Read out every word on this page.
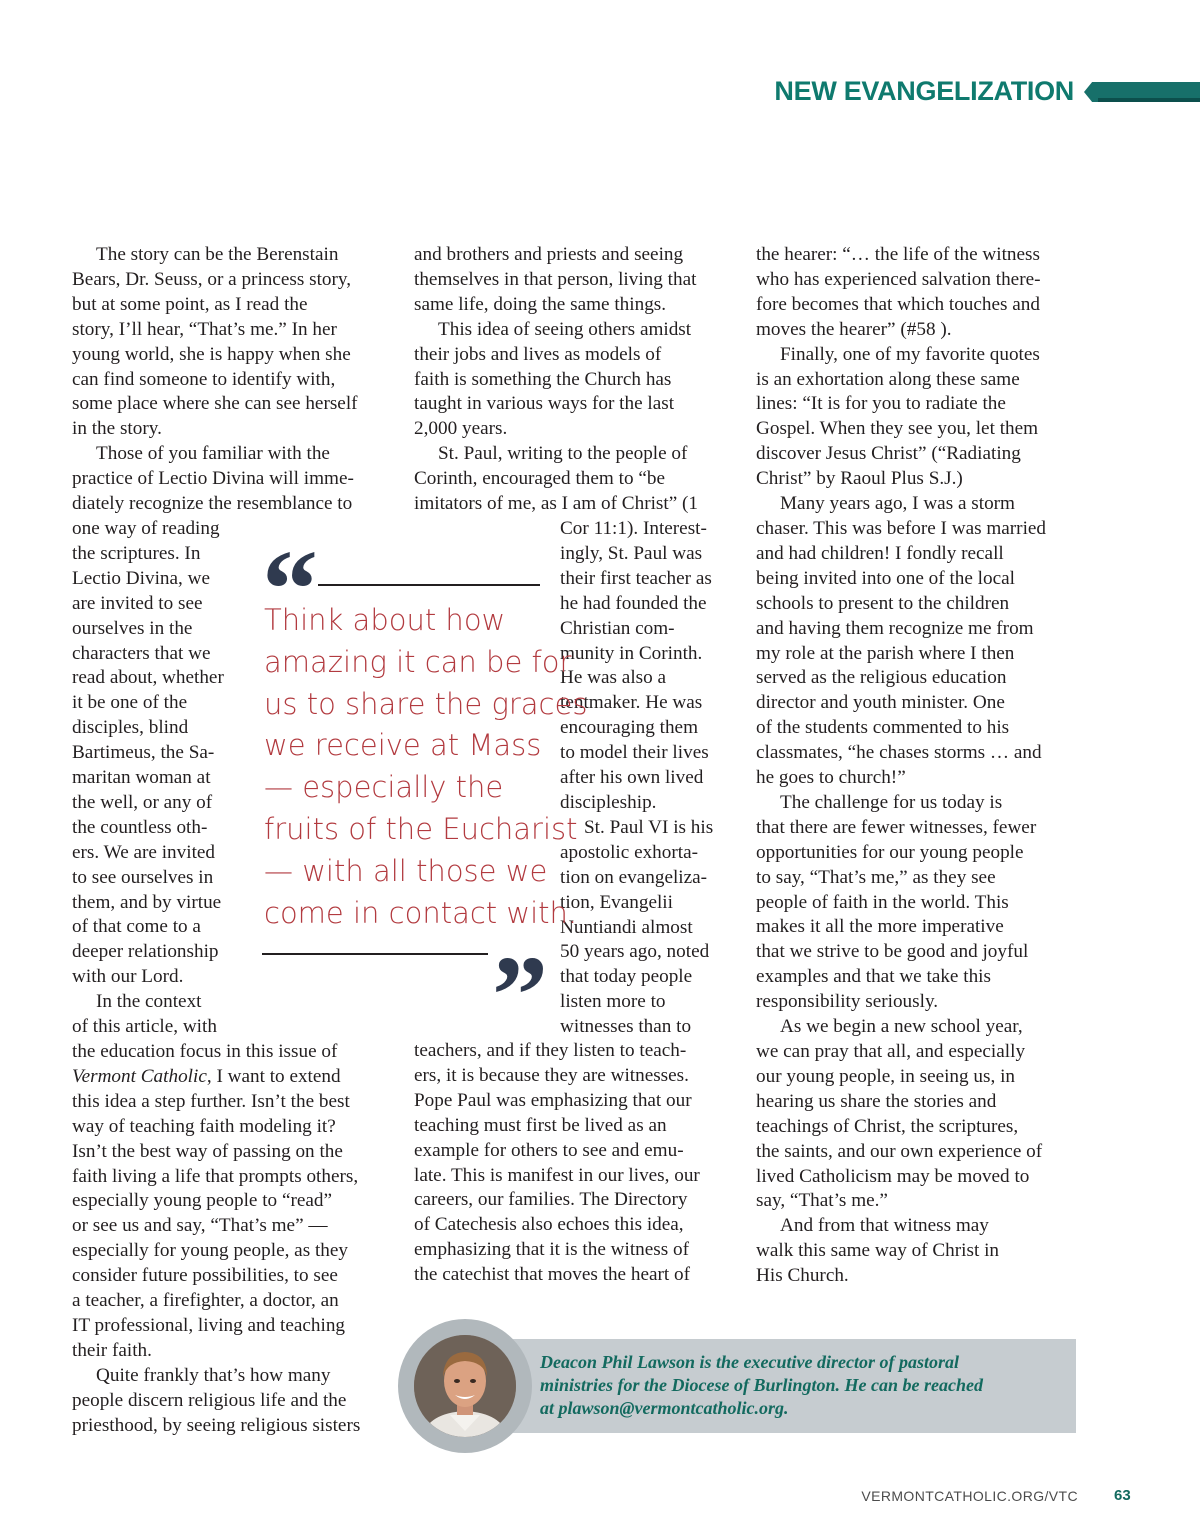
NEW EVANGELIZATION

The story can be the Berenstain

Bears, Dr. Seuss, or a princess story,

but at some point, as I read the

story, I’ll hear, “That’s me.” In her

young world, she is happy when she

can find someone to identify with,

some place where she can see herself

in the story.

Those of you familiar with the

practice of Lectio Divina will imme-

diately recognize the resemblance to

one way of reading

the scriptures. In

Lectio Divina, we

are invited to see

ourselves in the

characters that we

read about, whether

it be one of the

disciples, blind

Bartimeus, the Sa-

maritan woman at

the well, or any of

the countless oth-

ers. We are invited

to see ourselves in

them, and by virtue

of that come to a

deeper relationship

with our Lord.

In the context

of this article, with

the education focus in this issue of

Vermont Catholic, I want to extend

this idea a step further. Isn’t the best

way of teaching faith modeling it?

Isn’t the best way of passing on the

faith living a life that prompts others,

especially young people to “read”

or see us and say, “That’s me” —

especially for young people, as they

consider future possibilities, to see

a teacher, a firefighter, a doctor, an

IT professional, living and teaching

their faith.

Quite frankly that’s how many

people discern religious life and the

priesthood, by seeing religious sisters

and brothers and priests and seeing

themselves in that person, living that

same life, doing the same things.

This idea of seeing others amidst

their jobs and lives as models of

faith is something the Church has

taught in various ways for the last

2,000 years.

St. Paul, writing to the people of

Corinth, encouraged them to “be

imitators of me, as I am of Christ” (1

Cor 11:1). Interest-

ingly, St. Paul was

their first teacher as

he had founded the

Christian com-

munity in Corinth.

He was also a

tentmaker. He was

encouraging them

to model their lives

after his own lived

discipleship.

St. Paul VI is his

apostolic exhorta-

tion on evangeliza-

tion, Evangelii

Nuntiandi almost

50 years ago, noted

that today people

listen more to

witnesses than to

teachers, and if they listen to teach-

ers, it is because they are witnesses.

Pope Paul was emphasizing that our

teaching must first be lived as an

example for others to see and emu-

late. This is manifest in our lives, our

careers, our families. The Directory

of Catechesis also echoes this idea,

emphasizing that it is the witness of

the catechist that moves the heart of

the hearer: “… the life of the witness

who has experienced salvation there-

fore becomes that which touches and

moves the hearer” (#58 ).

Finally, one of my favorite quotes

is an exhortation along these same

lines: “It is for you to radiate the

Gospel. When they see you, let them

discover Jesus Christ” (“Radiating

Christ” by Raoul Plus S.J.)

Many years ago, I was a storm

chaser. This was before I was married

and had children! I fondly recall

being invited into one of the local

schools to present to the children

and having them recognize me from

my role at the parish where I then

served as the religious education

director and youth minister. One

of the students commented to his

classmates, “he chases storms … and

he goes to church!”

The challenge for us today is

that there are fewer witnesses, fewer

opportunities for our young people

to say, “That’s me,” as they see

people of faith in the world. This

makes it all the more imperative

that we strive to be good and joyful

examples and that we take this

responsibility seriously.

As we begin a new school year,

we can pray that all, and especially

our young people, in seeing us, in

hearing us share the stories and

teachings of Christ, the scriptures,

the saints, and our own experience of

lived Catholicism may be moved to

say, “That’s me.”

And from that witness may

walk this same way of Christ in

His Church.

“

Think about how

amazing it can be for

us to share the graces

we receive at Mass

— especially the

fruits of the Eucharist

— with all those we

come in contact with.

”

Deacon Phil Lawson is the executive director of pastoral

ministries for the Diocese of Burlington. He can be reached

at plawson@vermontcatholic.org.

VERMONTCATHOLIC.ORG/VTC 63
